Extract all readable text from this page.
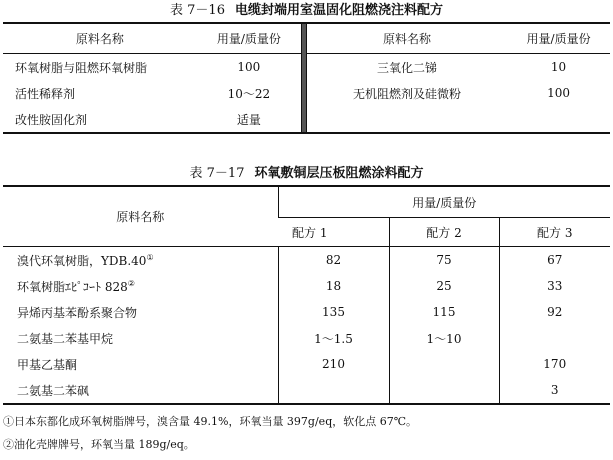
表 7－16 电缆封端用室温固化阻燃浇注料配方
原料名称	用量/质量份		原料名称	用量/质量份
环氧树脂与阻燃环氧树脂	100		三氧化二锑	10
活性稀释剂	10～22		无机阻燃剂及硅微粉	100
改性胺固化剂	适量			
表 7－17 环氧敷铜层压板阻燃涂料配方
原料名称	用量/质量份		
	配方 1	配方 2	配方 3
溴代环氧树脂，YDB.40①	82	75	67
环氧树脂ｴﾋﾟｺｰﾄ 828②	18	25	33
异烯丙基苯酚系聚合物	135	115	92
二氨基二苯基甲烷	1～1.5	1～10	
甲基乙基酮	210		170
二氨基二苯砜			3
①日本东都化成环氧树脂牌号，溴含量 49.1%，环氧当量 397g/eq，软化点 67℃。
②油化壳牌牌号，环氧当量 189g/eq。
